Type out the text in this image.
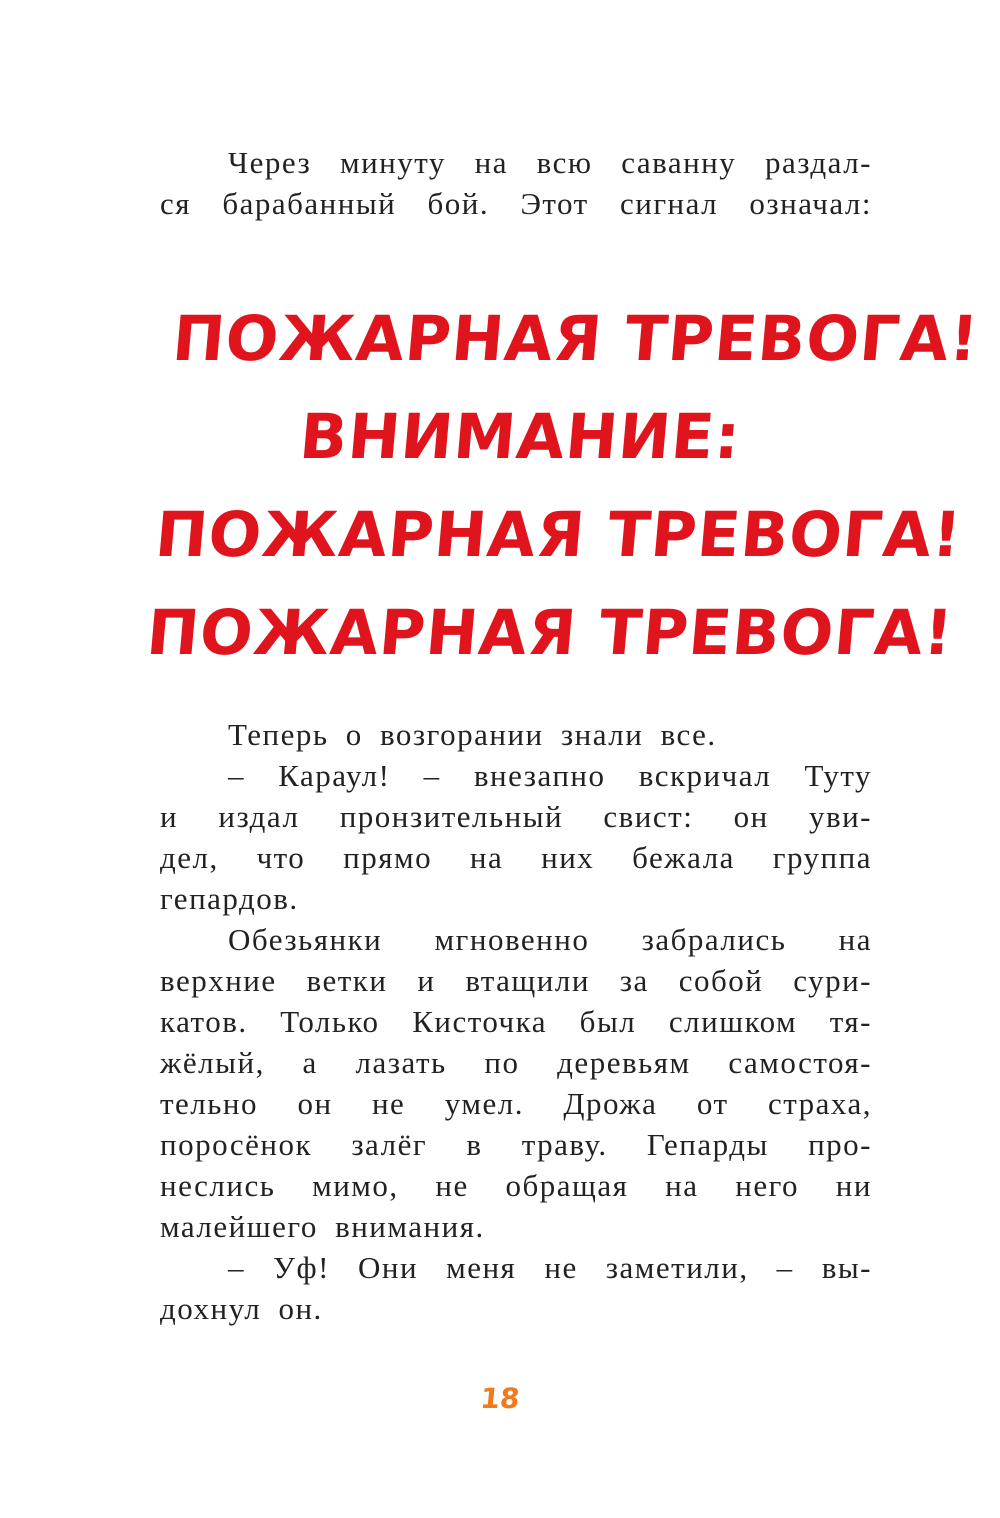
Через минуту на всю саванну раздал-
ся барабанный бой. Этот сигнал означал:
ПОЖАРНАЯ ТРЕВОГА!
ВНИМАНИЕ:
ПОЖАРНАЯ ТРЕВОГА!
ПОЖАРНАЯ ТРЕВОГА!
Теперь о возгорании знали все.
– Караул! – внезапно вскричал Туту
и издал пронзительный свист: он уви-
дел, что прямо на них бежала группа
гепардов.
Обезьянки мгновенно забрались на
верхние ветки и втащили за собой сури-
катов. Только Кисточка был слишком тя-
жёлый, а лазать по деревьям самостоя-
тельно он не умел. Дрожа от страха,
поросёнок залёг в траву. Гепарды про-
неслись мимо, не обращая на него ни
малейшего внимания.
– Уф! Они меня не заметили, – вы-
дохнул он.
18
